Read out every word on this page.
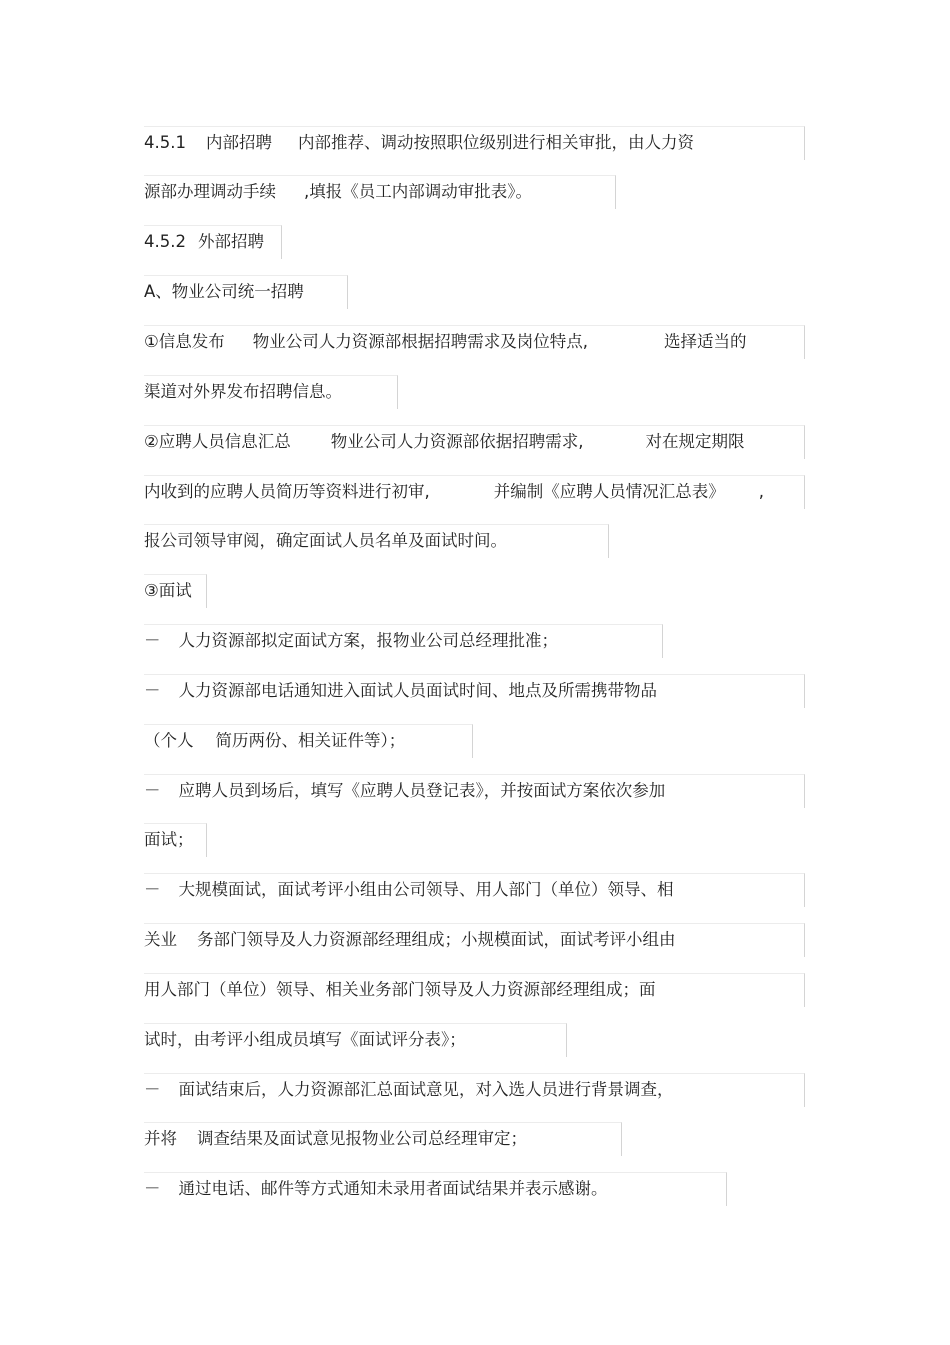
4.5.1 内部招聘 内部推荐、调动按照职位级别进行相关审批，由人力资
源部办理调动手续 ,填报《员工内部调动审批表》。
4.5.2 外部招聘
A、物业公司统一招聘
①信息发布 物业公司人力资源部根据招聘需求及岗位特点,	选择适当的
渠道对外界发布招聘信息。
②应聘人员信息汇总 物业公司人力资源部依据招聘需求,	对在规定期限
内收到的应聘人员简历等资料进行初审,	并编制《应聘人员情况汇总表》 ,
报公司领导审阅，确定面试人员名单及面试时间。
③面试
－ 人力资源部拟定面试方案，报物业公司总经理批准；
－ 人力资源部电话通知进入面试人员面试时间、地点及所需携带物品
（个人 简历两份、相关证件等）；
－ 应聘人员到场后，填写《应聘人员登记表》，并按面试方案依次参加
面试；
－ 大规模面试，面试考评小组由公司领导、用人部门（单位）领导、相
关业 务部门领导及人力资源部经理组成；小规模面试，面试考评小组由
用人部门（单位）领导、相关业务部门领导及人力资源部经理组成；面
试时，由考评小组成员填写《面试评分表》；
－ 面试结束后，人力资源部汇总面试意见，对入选人员进行背景调查，
并将 调查结果及面试意见报物业公司总经理审定；
－ 通过电话、邮件等方式通知未录用者面试结果并表示感谢。
